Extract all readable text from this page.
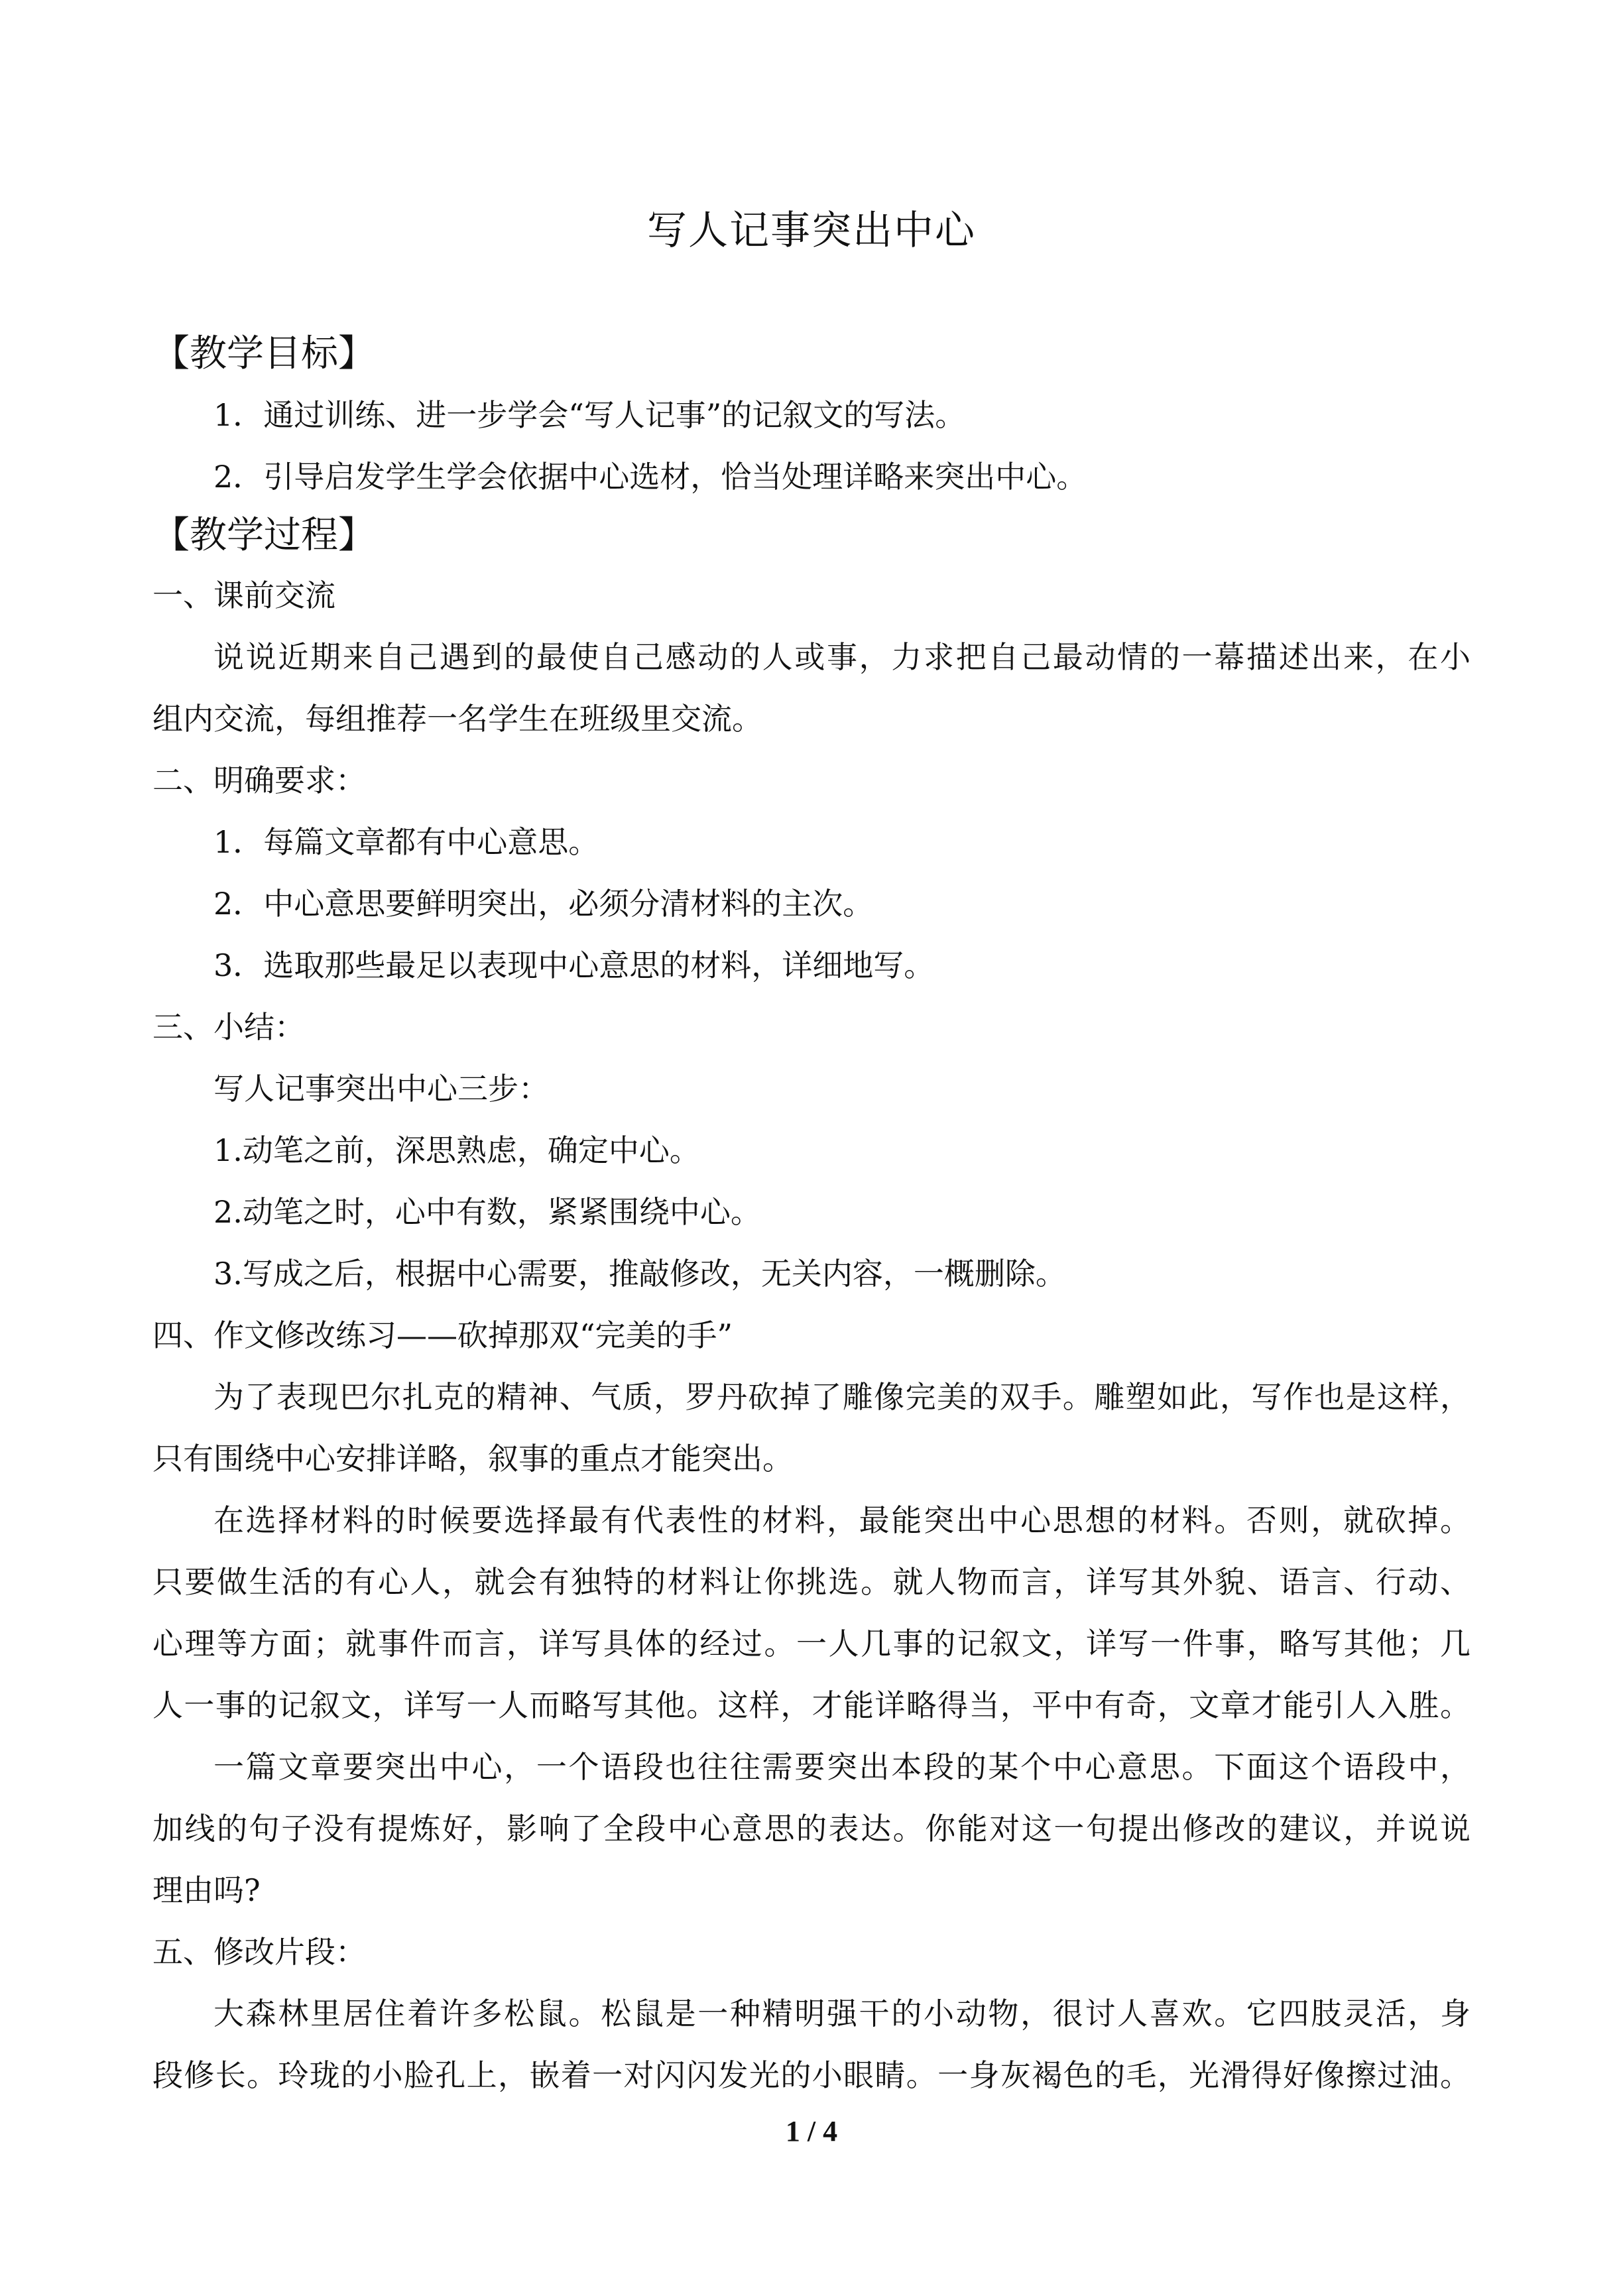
写人记事突出中心
【教学目标】
1．通过训练、进一步学会“写人记事”的记叙文的写法。
2．引导启发学生学会依据中心选材，恰当处理详略来突出中心。
【教学过程】
一、课前交流
说说近期来自己遇到的最使自己感动的人或事，力求把自己最动情的一幕描述出来，在小
组内交流，每组推荐一名学生在班级里交流。
二、明确要求：
1．每篇文章都有中心意思。
2．中心意思要鲜明突出，必须分清材料的主次。
3．选取那些最足以表现中心意思的材料，详细地写。
三、小结：
写人记事突出中心三步：
1.动笔之前，深思熟虑，确定中心。
2.动笔之时，心中有数，紧紧围绕中心。
3.写成之后，根据中心需要，推敲修改，无关内容，一概删除。
四、作文修改练习——砍掉那双“完美的手”
为了表现巴尔扎克的精神、气质，罗丹砍掉了雕像完美的双手。雕塑如此，写作也是这样，
只有围绕中心安排详略，叙事的重点才能突出。
在选择材料的时候要选择最有代表性的材料，最能突出中心思想的材料。否则，就砍掉。
只要做生活的有心人，就会有独特的材料让你挑选。就人物而言，详写其外貌、语言、行动、
心理等方面；就事件而言，详写具体的经过。一人几事的记叙文，详写一件事，略写其他；几
人一事的记叙文，详写一人而略写其他。这样，才能详略得当，平中有奇，文章才能引人入胜。
一篇文章要突出中心，一个语段也往往需要突出本段的某个中心意思。下面这个语段中，
加线的句子没有提炼好，影响了全段中心意思的表达。你能对这一句提出修改的建议，并说说
理由吗?
五、修改片段：
大森林里居住着许多松鼠。松鼠是一种精明强干的小动物，很讨人喜欢。它四肢灵活，身
段修长。玲珑的小脸孔上，嵌着一对闪闪发光的小眼睛。一身灰褐色的毛，光滑得好像擦过油。
1 / 4
